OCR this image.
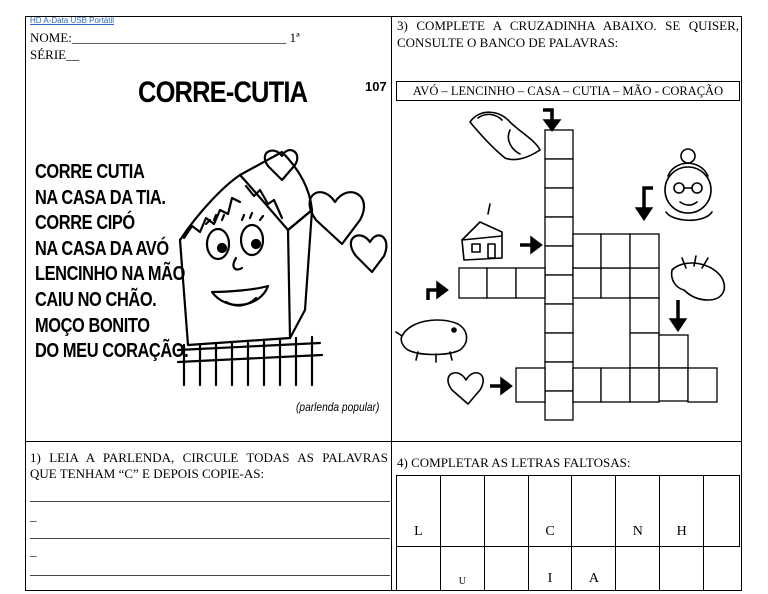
HD A-Data USB Portátil
NOME:_________________________________ 1ª
SÉRIE__
CORRE-CUTIA	107
CORRE CUTIA
NA CASA DA TIA.
CORRE CIPÓ
NA CASA DA AVÓ
LENCINHO NA MÃO
CAIU NO CHÃO.
MOÇO BONITO
DO MEU CORAÇÃO.
(parlenda popular)
1) LEIA A PARLENDA, CIRCULE TODAS AS PALAVRAS
QUE TENHAM “C” E DEPOIS COPIE-AS:
_
_
3) COMPLETE A CRUZADINHA ABAIXO. SE QUISER,
CONSULTE O BANCO DE PALAVRAS:
AVÓ – LENCINHO – CASA – CUTIA – MÃO - CORAÇÃO
4) COMPLETAR AS LETRAS FALTOSAS:
L			C		N	H	
	U		I	A			
